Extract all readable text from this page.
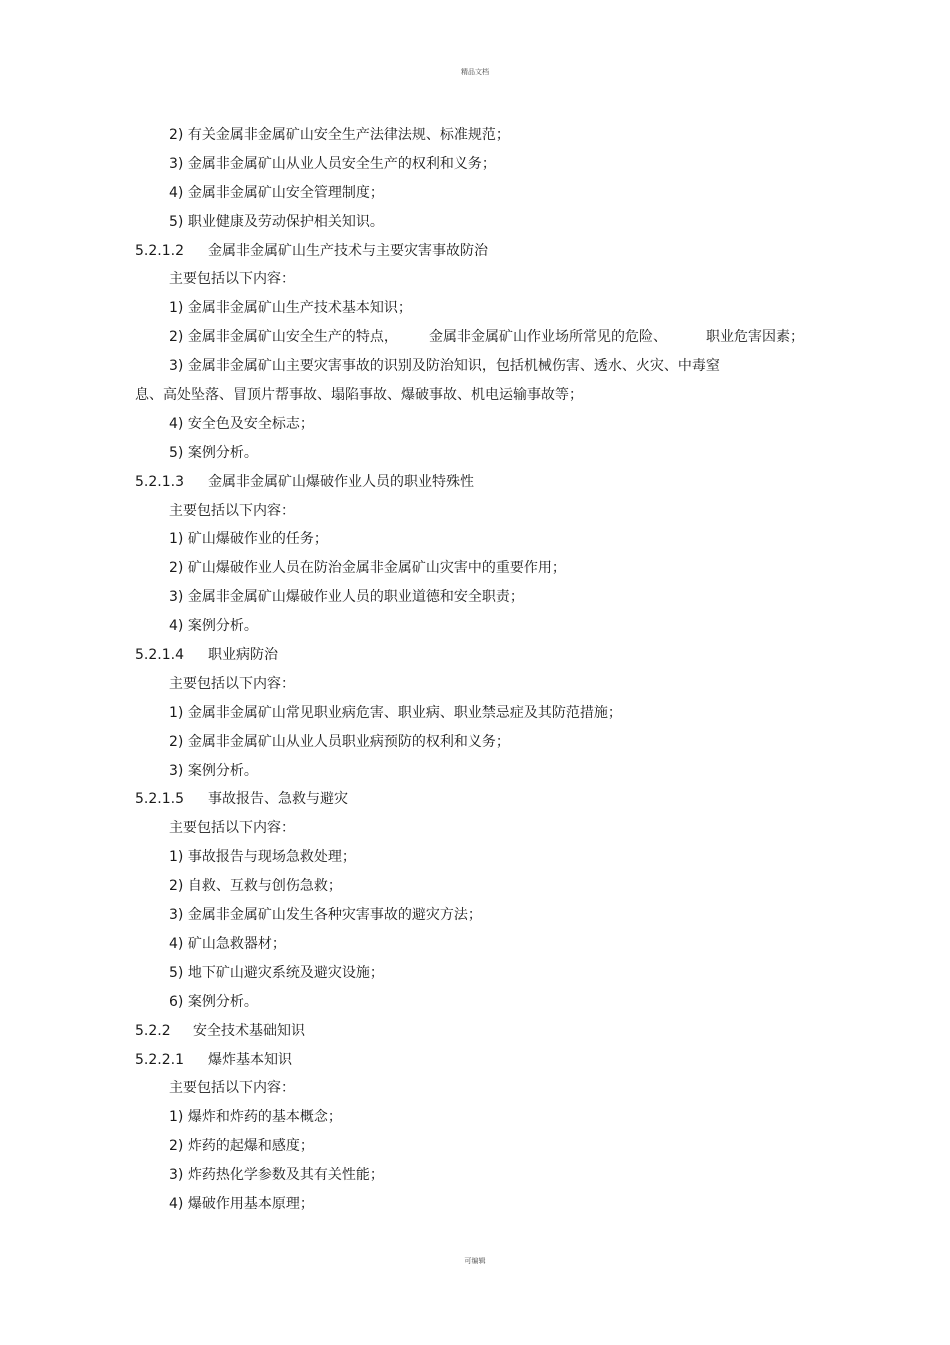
精品文档
2) 有关金属非金属矿山安全生产法律法规、标准规范；
3) 金属非金属矿山从业人员安全生产的权利和义务；
4) 金属非金属矿山安全管理制度；
5) 职业健康及劳动保护相关知识。
5.2.1.2 金属非金属矿山生产技术与主要灾害事故防治
主要包括以下内容：
1) 金属非金属矿山生产技术基本知识；
2) 金属非金属矿山安全生产的特点， 金属非金属矿山作业场所常见的危险、	职业危害因素；
3) 金属非金属矿山主要灾害事故的识别及防治知识，包括机械伤害、透水、火灾、中毒窒
息、高处坠落、冒顶片帮事故、塌陷事故、爆破事故、机电运输事故等；
4) 安全色及安全标志；
5) 案例分析。
5.2.1.3 金属非金属矿山爆破作业人员的职业特殊性
主要包括以下内容：
1) 矿山爆破作业的任务；
2) 矿山爆破作业人员在防治金属非金属矿山灾害中的重要作用；
3) 金属非金属矿山爆破作业人员的职业道德和安全职责；
4) 案例分析。
5.2.1.4 职业病防治
主要包括以下内容：
1) 金属非金属矿山常见职业病危害、职业病、职业禁忌症及其防范措施；
2) 金属非金属矿山从业人员职业病预防的权利和义务；
3) 案例分析。
5.2.1.5 事故报告、急救与避灾
主要包括以下内容：
1) 事故报告与现场急救处理；
2) 自救、互救与创伤急救；
3) 金属非金属矿山发生各种灾害事故的避灾方法；
4) 矿山急救器材；
5) 地下矿山避灾系统及避灾设施；
6) 案例分析。
5.2.2 安全技术基础知识
5.2.2.1 爆炸基本知识
主要包括以下内容：
1) 爆炸和炸药的基本概念；
2) 炸药的起爆和感度；
3) 炸药热化学参数及其有关性能；
4) 爆破作用基本原理；
可编辑
